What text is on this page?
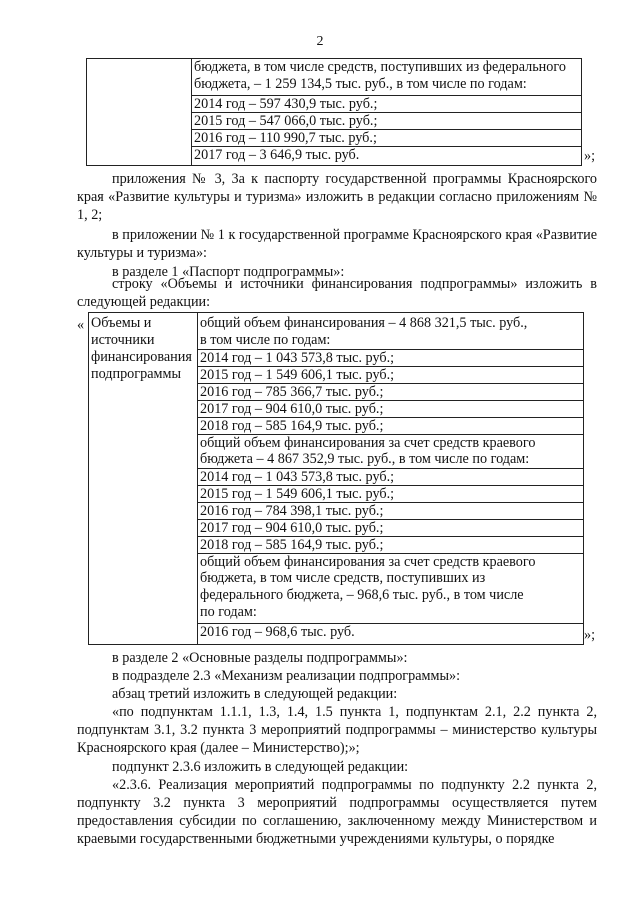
2
бюджета, в том числе средств, поступивших из федерального
бюджета, – 1 259 134,5 тыс. руб., в том числе по годам:
2014 год – 597 430,9 тыс. руб.;
2015 год – 547 066,0 тыс. руб.;
2016 год – 110 990,7 тыс. руб.;
2017 год – 3 646,9 тыс. руб.	»;
приложения № 3, 3а к паспорту государственной программы Красноярского края «Развитие культуры и туризма» изложить в редакции согласно приложениям № 1, 2;
в приложении № 1 к государственной программе Красноярского края «Развитие культуры и туризма»:
в разделе 1 «Паспорт подпрограммы»:
строку «Объемы и источники финансирования подпрограммы» изложить в следующей редакции:
« Объемы и
источники
финансирования
подпрограммы
общий объем финансирования – 4 868 321,5 тыс. руб.,
в том числе по годам:
2014 год – 1 043 573,8 тыс. руб.;
2015 год – 1 549 606,1 тыс. руб.;
2016 год – 785 366,7 тыс. руб.;
2017 год – 904 610,0 тыс. руб.;
2018 год – 585 164,9 тыс. руб.;
общий объем финансирования за счет средств краевого
бюджета – 4 867 352,9 тыс. руб., в том числе по годам:
2014 год – 1 043 573,8 тыс. руб.;
2015 год – 1 549 606,1 тыс. руб.;
2016 год – 784 398,1 тыс. руб.;
2017 год – 904 610,0 тыс. руб.;
2018 год – 585 164,9 тыс. руб.;
общий объем финансирования за счет средств краевого
бюджета, в том числе средств, поступивших из
федерального бюджета, – 968,6 тыс. руб., в том числе
по годам:
2016 год – 968,6 тыс. руб.	»;
в разделе 2 «Основные разделы подпрограммы»:
в подразделе 2.3 «Механизм реализации подпрограммы»:
абзац третий изложить в следующей редакции:
«по подпунктам 1.1.1, 1.3, 1.4, 1.5 пункта 1, подпунктам 2.1, 2.2 пункта 2, подпунктам 3.1, 3.2 пункта 3 мероприятий подпрограммы – министерство культуры Красноярского края (далее – Министерство);»;
подпункт 2.3.6 изложить в следующей редакции:
«2.3.6. Реализация мероприятий подпрограммы по подпункту 2.2 пункта 2, подпункту 3.2 пункта 3 мероприятий подпрограммы осуществляется путем предоставления субсидии по соглашению, заключенному между Министерством и краевыми государственными бюджетными учреждениями культуры, о порядке
